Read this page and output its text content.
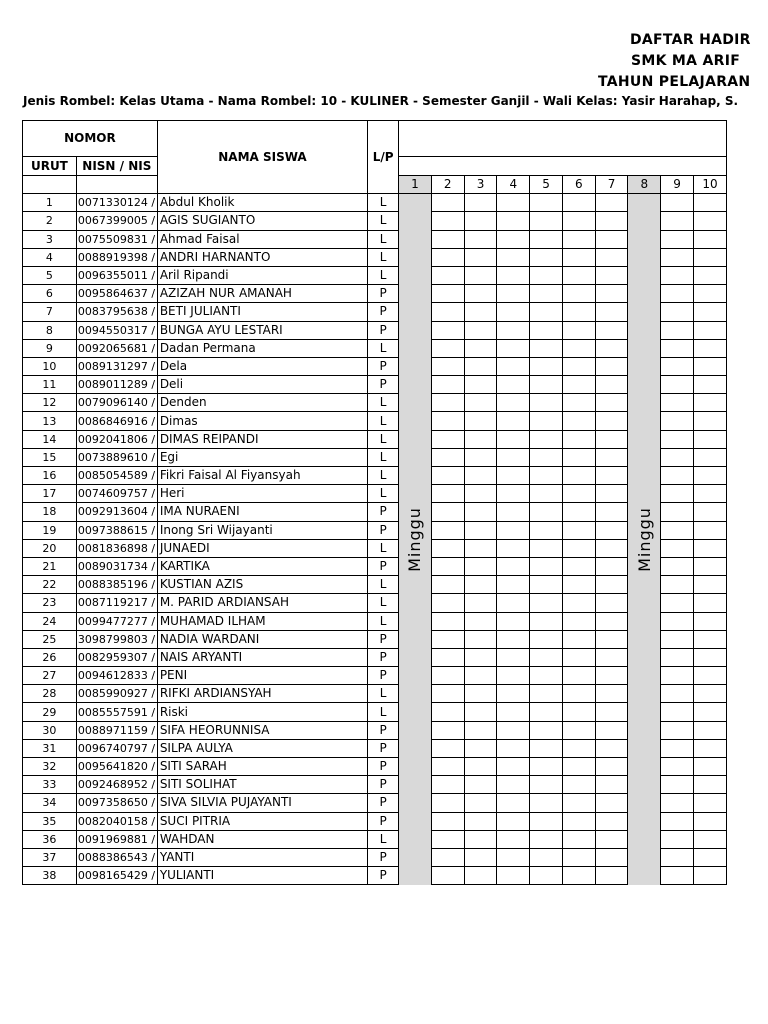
DAFTAR HADIR
SMK MA ARIF
TAHUN PELAJARAN
Jenis Rombel: Kelas Utama - Nama Rombel: 10 - KULINER - Semester Ganjil - Wali Kelas: Yasir Harahap, S.
NOMOR		NAMA SISWA	L/P										
URUT	NISN / NIS												
				1	2	3	4	5	6	7	8	9	10
1	0071330124 /	Abdul Kholik	L										
2	0067399005 /	AGIS SUGIANTO	L										
3	0075509831 /	Ahmad Faisal	L										
4	0088919398 /	ANDRI HARNANTO	L										
5	0096355011 /	Aril Ripandi	L										
6	0095864637 /	AZIZAH NUR AMANAH	P										
7	0083795638 /	BETI JULIANTI	P										
8	0094550317 /	BUNGA AYU LESTARI	P										
9	0092065681 /	Dadan Permana	L										
10	0089131297 /	Dela	P										
11	0089011289 /	Deli	P										
12	0079096140 /	Denden	L										
13	0086846916 /	Dimas	L										
14	0092041806 /	DIMAS REIPANDI	L										
15	0073889610 /	Egi	L										
16	0085054589 /	Fikri Faisal Al Fiyansyah	L										
17	0074609757 /	Heri	L										
18	0092913604 /	IMA NURAENI	P										
19	0097388615 /	Inong Sri Wijayanti	P										
20	0081836898 /	JUNAEDI	L										
21	0089031734 /	KARTIKA	P										
22	0088385196 /	KUSTIAN AZIS	L										
23	0087119217 /	M. PARID ARDIANSAH	L										
24	0099477277 /	MUHAMAD ILHAM	L										
25	3098799803 /	NADIA WARDANI	P										
26	0082959307 /	NAIS ARYANTI	P										
27	0094612833 /	PENI	P										
28	0085990927 /	RIFKI ARDIANSYAH	L										
29	0085557591 /	Riski	L										
30	0088971159 /	SIFA HEORUNNISA	P										
31	0096740797 /	SILPA AULYA	P										
32	0095641820 /	SITI SARAH	P										
33	0092468952 /	SITI SOLIHAT	P										
34	0097358650 /	SIVA SILVIA PUJAYANTI	P										
35	0082040158 /	SUCI PITRIA	P										
36	0091969881 /	WAHDAN	L										
37	0088386543 /	YANTI	P										
38	0098165429 /	YULIANTI	P										
Minggu	Minggu
